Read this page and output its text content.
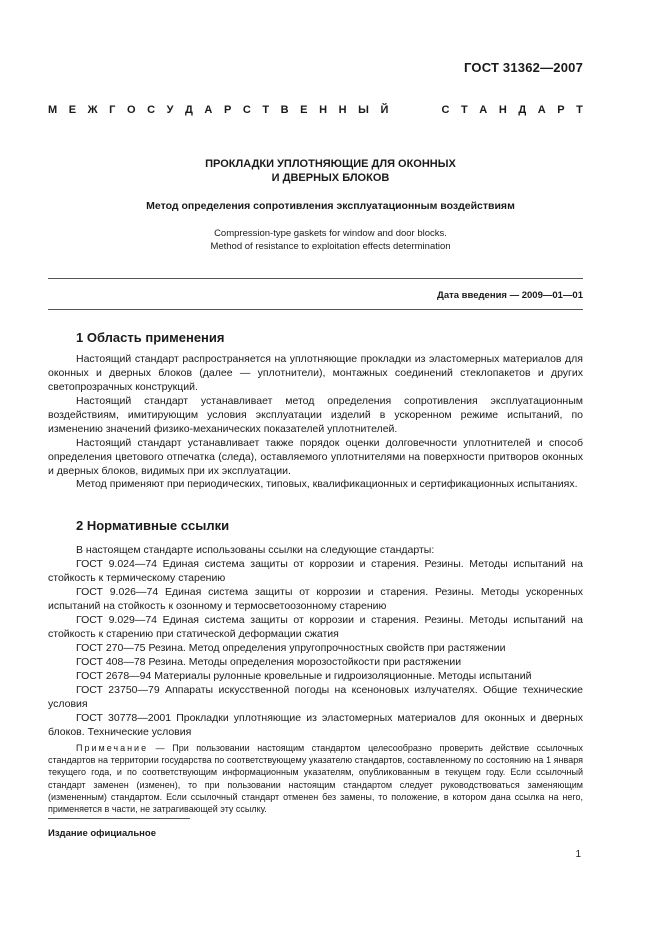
ГОСТ 31362—2007
М Е Ж Г О С У Д А Р С Т В Е Н Н Ы Й	С Т А Н Д А Р Т
ПРОКЛАДКИ УПЛОТНЯЮЩИЕ ДЛЯ ОКОННЫХ
И ДВЕРНЫХ БЛОКОВ
Метод определения сопротивления эксплуатационным воздействиям
Compression-type gaskets for window and door blocks.
Method of resistance to exploitation effects determination
Дата введения — 2009—01—01
1 Область применения

Настоящий стандарт распространяется на уплотняющие прокладки из эластомерных материалов для оконных и дверных блоков (далее — уплотнители), монтажных соединений стеклопакетов и других светопрозрачных конструкций.

Настоящий стандарт устанавливает метод определения сопротивления эксплуатационным воздействиям, имитирующим условия эксплуатации изделий в ускоренном режиме испытаний, по изменению значений физико-механических показателей уплотнителей.

Настоящий стандарт устанавливает также порядок оценки долговечности уплотнителей и способ определения цветового отпечатка (следа), оставляемого уплотнителями на поверхности притворов оконных и дверных блоков, видимых при их эксплуатации.

Метод применяют при периодических, типовых, квалификационных и сертификационных испытаниях.

2 Нормативные ссылки
В настоящем стандарте использованы ссылки на следующие стандарты:
ГОСТ 9.024—74 Единая система защиты от коррозии и старения. Резины. Методы испытаний на стойкость к термическому старению
ГОСТ 9.026—74 Единая система защиты от коррозии и старения. Резины. Методы ускоренных испытаний на стойкость к озонному и термосветоозонному старению
ГОСТ 9.029—74 Единая система защиты от коррозии и старения. Резины. Методы испытаний на стойкость к старению при статической деформации сжатия
ГОСТ 270—75 Резина. Метод определения упругопрочностных свойств при растяжении
ГОСТ 408—78 Резина. Методы определения морозостойкости при растяжении
ГОСТ 2678—94 Материалы рулонные кровельные и гидроизоляционные. Методы испытаний
ГОСТ 23750—79 Аппараты искусственной погоды на ксеноновых излучателях. Общие технические условия
ГОСТ 30778—2001 Прокладки уплотняющие из эластомерных материалов для оконных и дверных блоков. Технические условия
Примечание — При пользовании настоящим стандартом целесообразно проверить действие ссылочных стандартов на территории государства по соответствующему указателю стандартов, составленному по состоянию на 1 января текущего года, и по соответствующим информационным указателям, опубликованным в текущем году. Если ссылочный стандарт заменен (изменен), то при пользовании настоящим стандартом следует руководствоваться заменяющим (измененным) стандартом. Если ссылочный стандарт отменен без замены, то положение, в котором дана ссылка на него, применяется в части, не затрагивающей эту ссылку.
Издание официальное
1
